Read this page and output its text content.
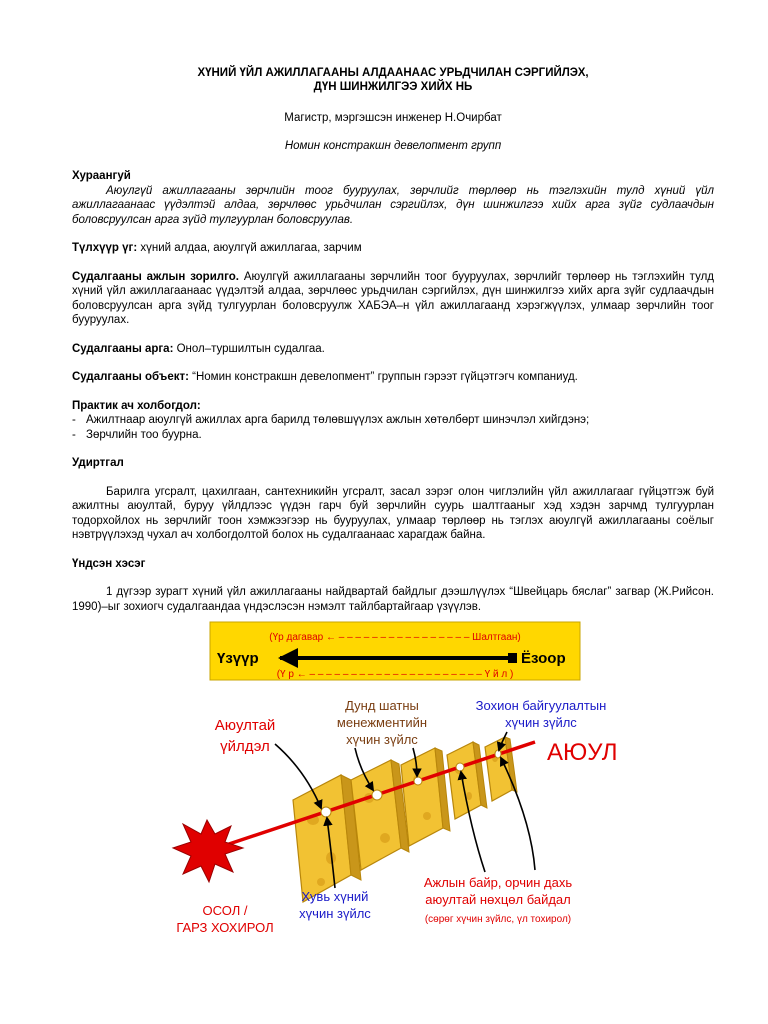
ХҮНИЙ ҮЙЛ АЖИЛЛАГААНЫ АЛДААНААС УРЬДЧИЛАН СЭРГИЙЛЭХ,
ДҮН ШИНЖИЛГЭЭ ХИЙХ НЬ
Магистр, мэргэшсэн инженер Н.Очирбат
Номин констракшн девелопмент групп

Хураангуй

Аюулгүй ажиллагааны зөрчлийн тоог бууруулах, зөрчлийг төрлөөр нь тэглэхийн тулд хүний үйл ажиллагаанаас үүдэлтэй алдаа, зөрчлөөс урьдчилан сэргийлэх, дүн шинжилгээ хийх арга зүйг судлаачдын боловсруулсан арга зүйд тулгуурлан боловсруулав.

Түлхүүр үг: хүний алдаа, аюулгүй ажиллагаа, зарчим

Судалгааны ажлын зорилго. Аюулгүй ажиллагааны зөрчлийн тоог бууруулах, зөрчлийг төрлөөр нь тэглэхийн тулд хүний үйл ажиллагаанаас үүдэлтэй алдаа, зөрчлөөс урьдчилан сэргийлэх, дүн шинжилгээ хийх арга зүйг судлаачдын боловсруулсан арга зүйд тулгуурлан боловсруулж ХАБЭА–н үйл ажиллагаанд хэрэгжүүлэх, улмаар зөрчлийн тоог бууруулах.

Судалгааны арга: Онол–туршилтын судалгаа.

Судалгааны объект: “Номин констракшн девелопмент” группын гэрээт гүйцэтгэгч компаниуд.

Практик ач холбогдол:

- Ажилтнаар аюулгүй ажиллах арга барилд төлөвшүүлэх ажлын хөтөлбөрт шинэчлэл хийгдэнэ;
- Зөрчлийн тоо буурна.

Удиртгал

Барилга угсралт, цахилгаан, сантехникийн угсралт, засал зэрэг олон чиглэлийн үйл ажиллагааг гүйцэтгэж буй ажилтны аюултай, буруу үйлдлээс үүдэн гарч буй зөрчлийн суурь шалтгааныг хэд хэдэн зарчмд тулгуурлан тодорхойлох нь зөрчлийг тоон хэмжээгээр нь бууруулах, улмаар төрлөөр нь тэглэх аюулгүй ажиллагааны соёлыг нэвтрүүлэхэд чухал ач холбогдолтой болох нь судалгаанаас харагдаж байна.

Үндсэн хэсэг

1 дүгээр зурагт хүний үйл ажиллагааны найдвартай байдлыг дээшлүүлэх “Швейцарь бяслаг” загвар (Ж.Рийсон. 1990)–ыг зохиогч судалгаандаа үндэслэсэн нэмэлт тайлбартайгаар үзүүлэв.

(Үр дагавар ← – – – – – – – – – – – – – – – – Шалтгаан)
Үзүүр	Ёзоор
(Ү р ← – – – – – – – – – – – – – – – – – – – – – Ү й л )
АЮУЛ
Аюултай
үйлдэл
Дунд шатны
менежментийн
хүчин зүйлс
Зохион байгуулалтын
хүчин зүйлс
ОСОЛ /
ГАРЗ ХОХИРОЛ
Хувь хүний
хүчин зүйлс
Ажлын байр, орчин дахь
аюултай нөхцөл байдал
(сөрөг хүчин зүйлс, үл тохирол)
